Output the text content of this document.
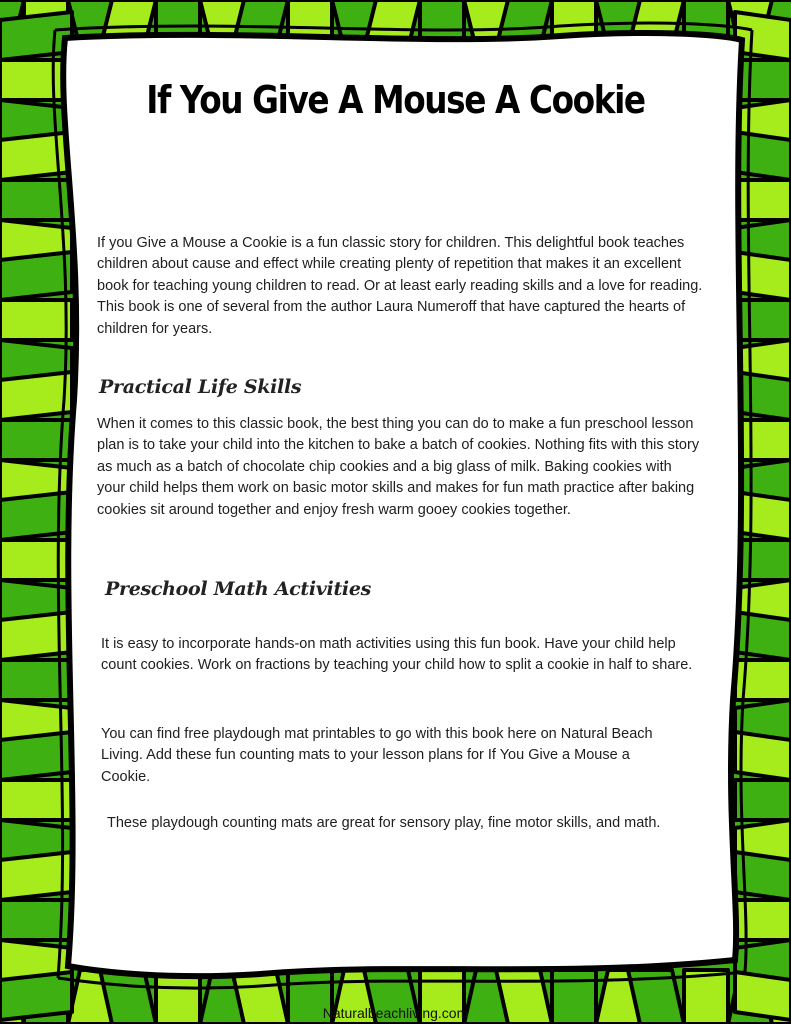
If You Give A Mouse A Cookie

If you Give a Mouse a Cookie is a fun classic story for children. This delightful book teaches children about cause and effect while creating plenty of repetition that makes it an excellent book for teaching young children to read. Or at least early reading skills and a love for reading. This book is one of several from the author Laura Numeroff that have captured the hearts of children for years.

Practical Life Skills

When it comes to this classic book, the best thing you can do to make a fun preschool lesson plan is to take your child into the kitchen to bake a batch of cookies. Nothing fits with this story as much as a batch of chocolate chip cookies and a big glass of milk. Baking cookies with your child helps them work on basic motor skills and makes for fun math practice after baking cookies sit around together and enjoy fresh warm gooey cookies together.

Preschool Math Activities

It is easy to incorporate hands-on math activities using this fun book. Have your child help count cookies. Work on fractions by teaching your child how to split a cookie in half to share.

You can find free playdough mat printables to go with this book here on Natural Beach Living. Add these fun counting mats to your lesson plans for If You Give a Mouse a Cookie.

These playdough counting mats are great for sensory play, fine motor skills, and math.

Naturalbeachliving.com
